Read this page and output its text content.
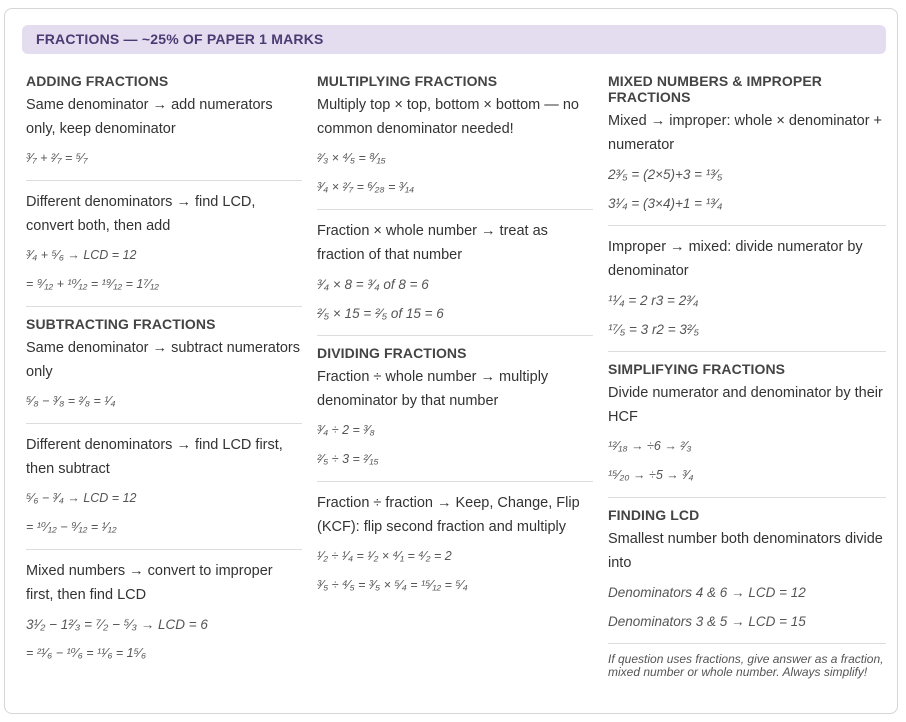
FRACTIONS — ~25% OF PAPER 1 MARKS
ADDING FRACTIONS

Same denominator → add numerators only, keep denominator

³⁄₇ + ²⁄₇ = ⁵⁄₇

Different denominators → find LCD, convert both, then add

³⁄₄ + ⁵⁄₆ → LCD = 12

= ⁹⁄₁₂ + ¹⁰⁄₁₂ = ¹⁹⁄₁₂ = 1⁷⁄₁₂

SUBTRACTING FRACTIONS

Same denominator → subtract numerators only

⁵⁄₈ − ³⁄₈ = ²⁄₈ = ¹⁄₄

Different denominators → find LCD first, then subtract

⁵⁄₆ − ³⁄₄ → LCD = 12

= ¹⁰⁄₁₂ − ⁹⁄₁₂ = ¹⁄₁₂

Mixed numbers → convert to improper first, then find LCD

3¹⁄₂ − 1²⁄₃ = ⁷⁄₂ − ⁵⁄₃ → LCD = 6

= ²¹⁄₆ − ¹⁰⁄₆ = ¹¹⁄₆ = 1⁵⁄₆

MULTIPLYING FRACTIONS

Multiply top × top, bottom × bottom — no common denominator needed!

²⁄₃ × ⁴⁄₅ = ⁸⁄₁₅

³⁄₄ × ²⁄₇ = ⁶⁄₂₈ = ³⁄₁₄

Fraction × whole number → treat as fraction of that number

³⁄₄ × 8 = ³⁄₄ of 8 = 6

²⁄₅ × 15 = ²⁄₅ of 15 = 6

DIVIDING FRACTIONS

Fraction ÷ whole number → multiply denominator by that number

³⁄₄ ÷ 2 = ³⁄₈

²⁄₅ ÷ 3 = ²⁄₁₅

Fraction ÷ fraction → Keep, Change, Flip (KCF): flip second fraction and multiply

¹⁄₂ ÷ ¹⁄₄ = ¹⁄₂ × ⁴⁄₁ = ⁴⁄₂ = 2

³⁄₅ ÷ ⁴⁄₅ = ³⁄₅ × ⁵⁄₄ = ¹⁵⁄₁₂ = ⁵⁄₄

MIXED NUMBERS & IMPROPER FRACTIONS

Mixed → improper: whole × denominator + numerator

2³⁄₅ = (2×5)+3 = ¹³⁄₅

3¹⁄₄ = (3×4)+1 = ¹³⁄₄

Improper → mixed: divide numerator by denominator

¹¹⁄₄ = 2 r3 = 2³⁄₄

¹⁷⁄₅ = 3 r2 = 3²⁄₅

SIMPLIFYING FRACTIONS

Divide numerator and denominator by their HCF

¹²⁄₁₈ → ÷6 → ²⁄₃

¹⁵⁄₂₀ → ÷5 → ³⁄₄

FINDING LCD

Smallest number both denominators divide into

Denominators 4 & 6 → LCD = 12

Denominators 3 & 5 → LCD = 15

If question uses fractions, give answer as a fraction, mixed number or whole number. Always simplify!
